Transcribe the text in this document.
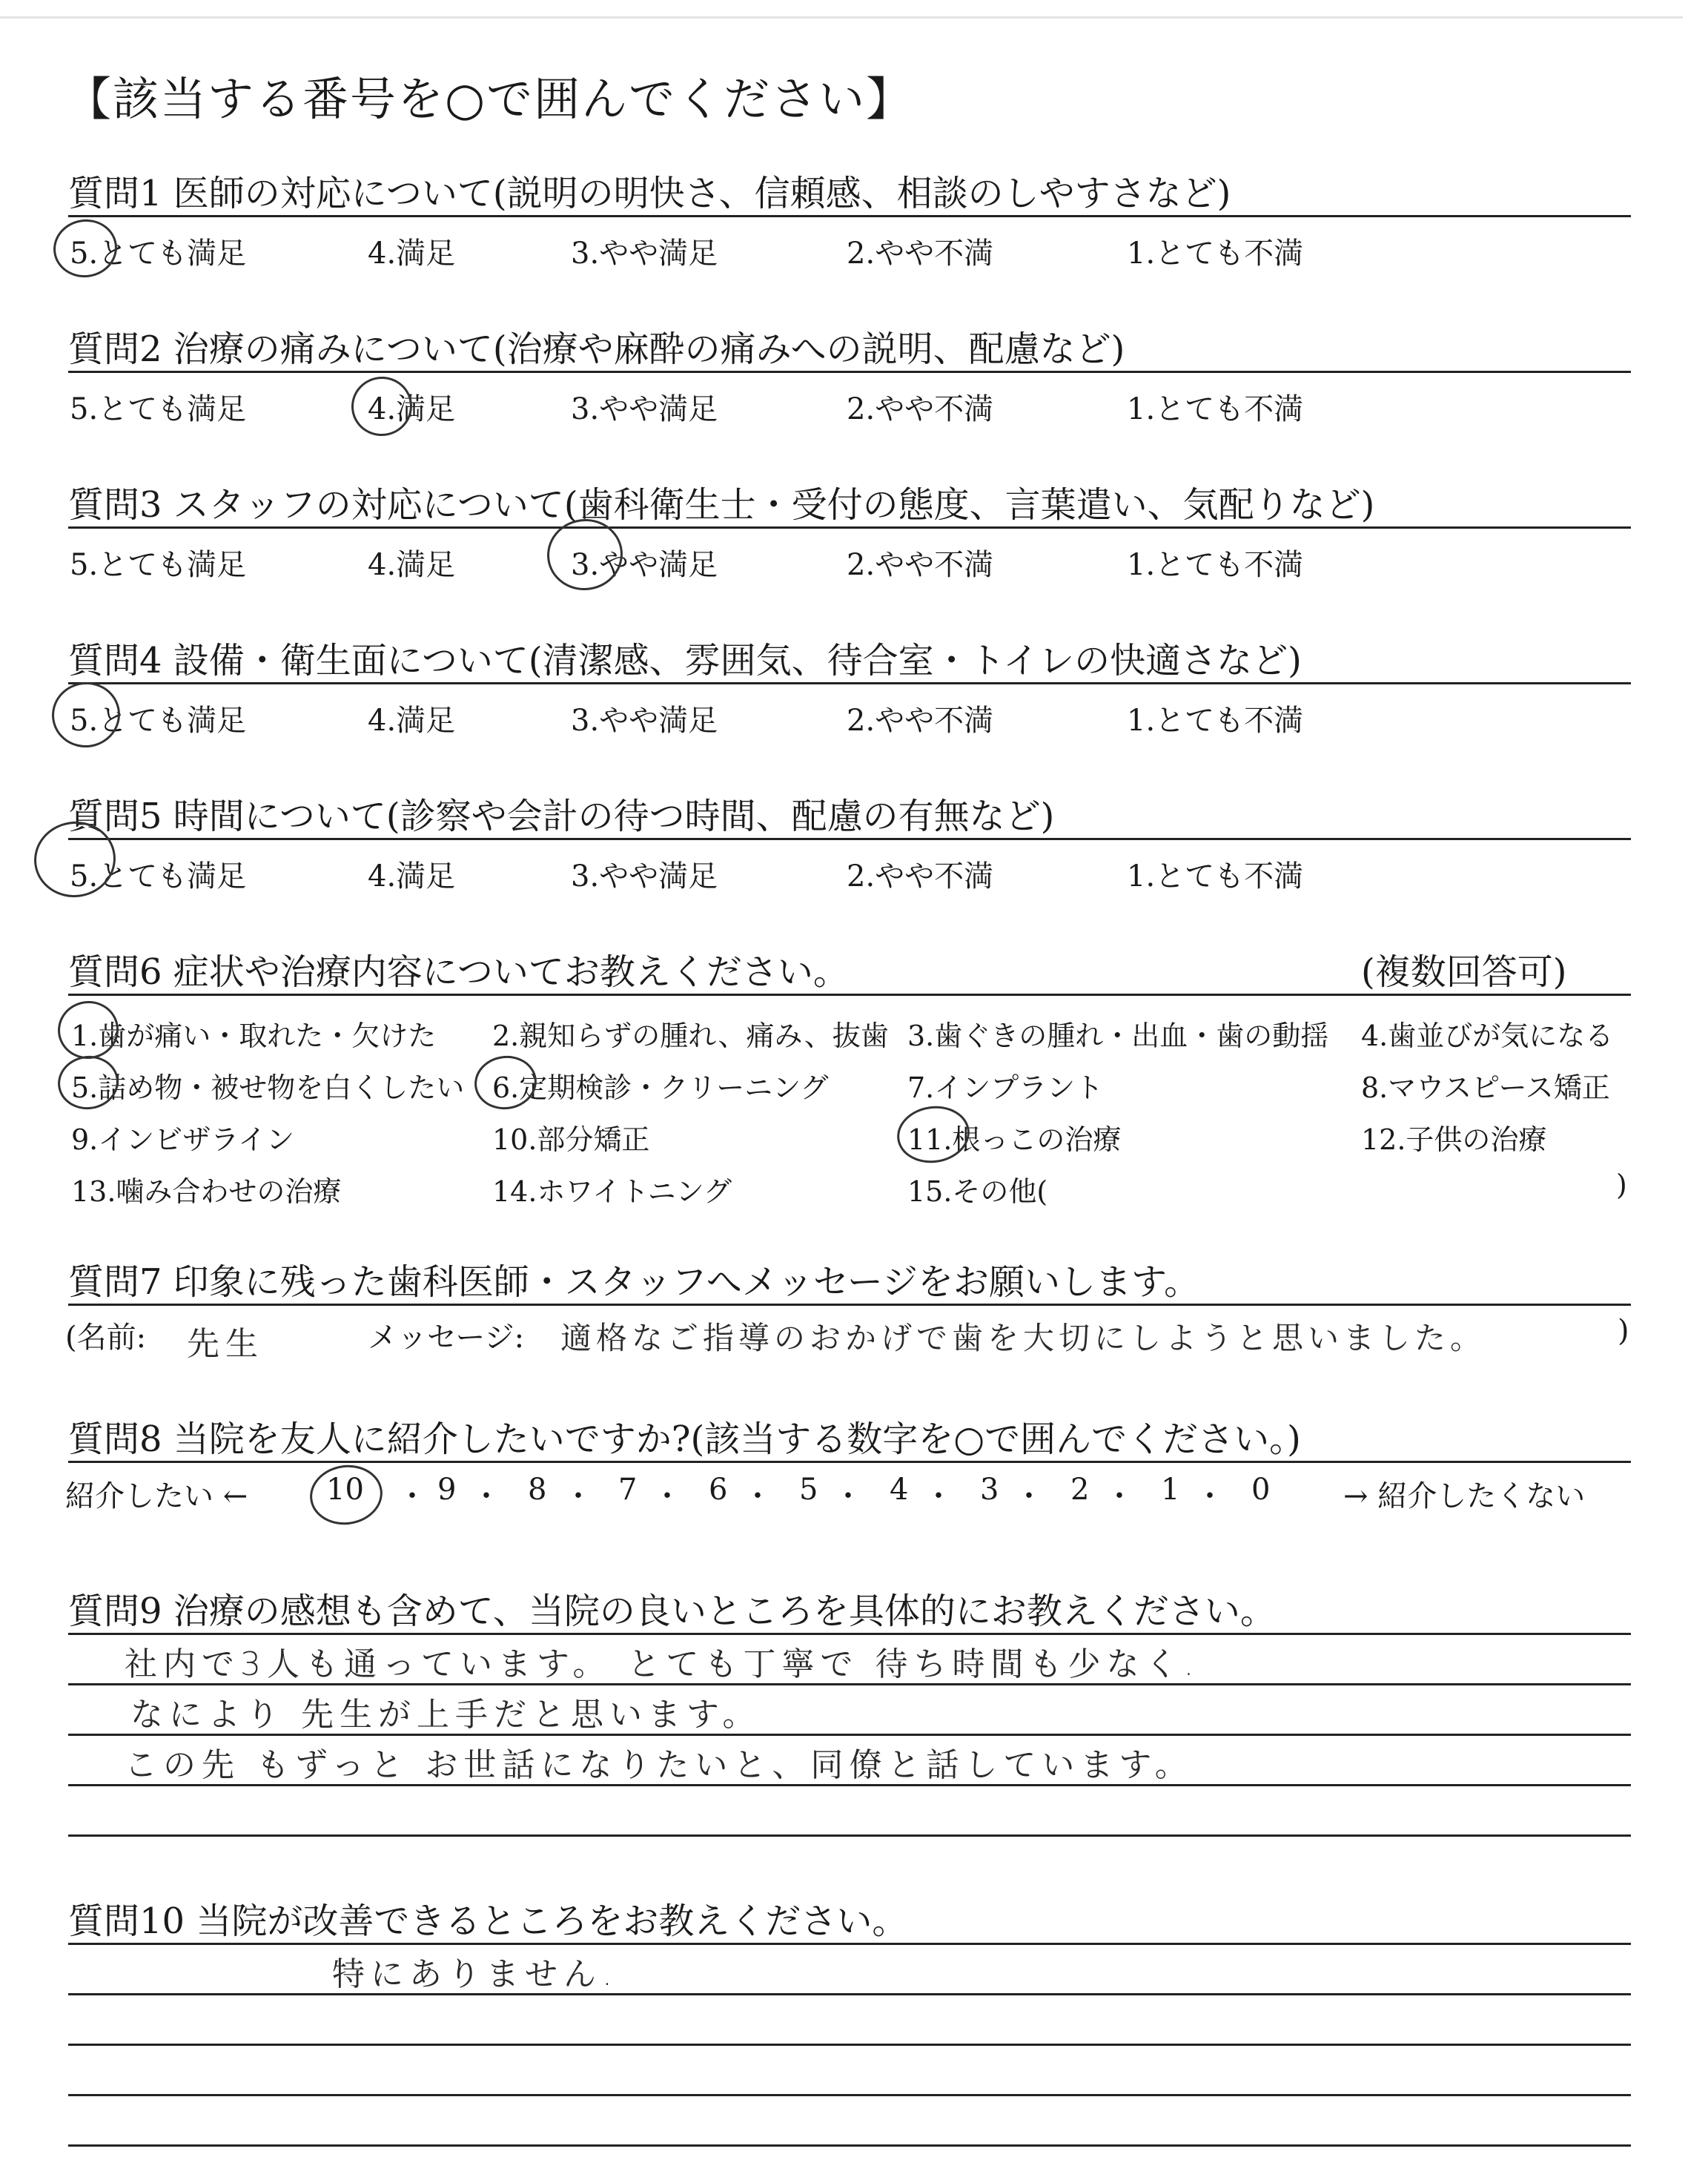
【該当する番号を○で囲んでください】
質問1 医師の対応について(説明の明快さ、信頼感、相談のしやすさなど)
5.とても満足	4.満足	3.やや満足	2.やや不満	1.とても不満
質問2 治療の痛みについて(治療や麻酔の痛みへの説明、配慮など)
5.とても満足	4.満足	3.やや満足	2.やや不満	1.とても不満
質問3 スタッフの対応について(歯科衛生士・受付の態度、言葉遣い、気配りなど)
5.とても満足	4.満足	3.やや満足	2.やや不満	1.とても不満
質問4 設備・衛生面について(清潔感、雰囲気、待合室・トイレの快適さなど)
5.とても満足	4.満足	3.やや満足	2.やや不満	1.とても不満
質問5 時間について(診察や会計の待つ時間、配慮の有無など)
5.とても満足	4.満足	3.やや満足	2.やや不満	1.とても不満
質問6 症状や治療内容についてお教えください。	(複数回答可)
1.歯が痛い・取れた・欠けた 2.親知らずの腫れ、痛み、抜歯 3.歯ぐきの腫れ・出血・歯の動揺 4.歯並びが気になる
5.詰め物・被せ物を白くしたい 6.定期検診・クリーニング	7.インプラント	8.マウスピース矯正
9.インビザライン	10.部分矯正	11.根っこの治療	12.子供の治療
13.噛み合わせの治療	14.ホワイトニング	15.その他(	)
質問7 印象に残った歯科医師・スタッフへメッセージをお願いします。
(名前: 先生	メッセージ: 適格なご指導のおかげで歯を大切にしようと思いました。	)
質問8 当院を友人に紹介したいですか?(該当する数字を○で囲んでください。)
紹介したい ←	10 ・ 9 ・ 8 ・ 7 ・ 6 ・ 5 ・ 4 ・ 3 ・ 2 ・ 1 ・ 0 → 紹介したくない
質問9 治療の感想も含めて、当院の良いところを具体的にお教えください。
社内で3人も通っています。 とても丁寧で 待ち時間も少なく.
なにより 先生が上手だと思います。
この先 もずっと お世話になりたいと、同僚と話しています。
質問10 当院が改善できるところをお教えください。
特にありません.
